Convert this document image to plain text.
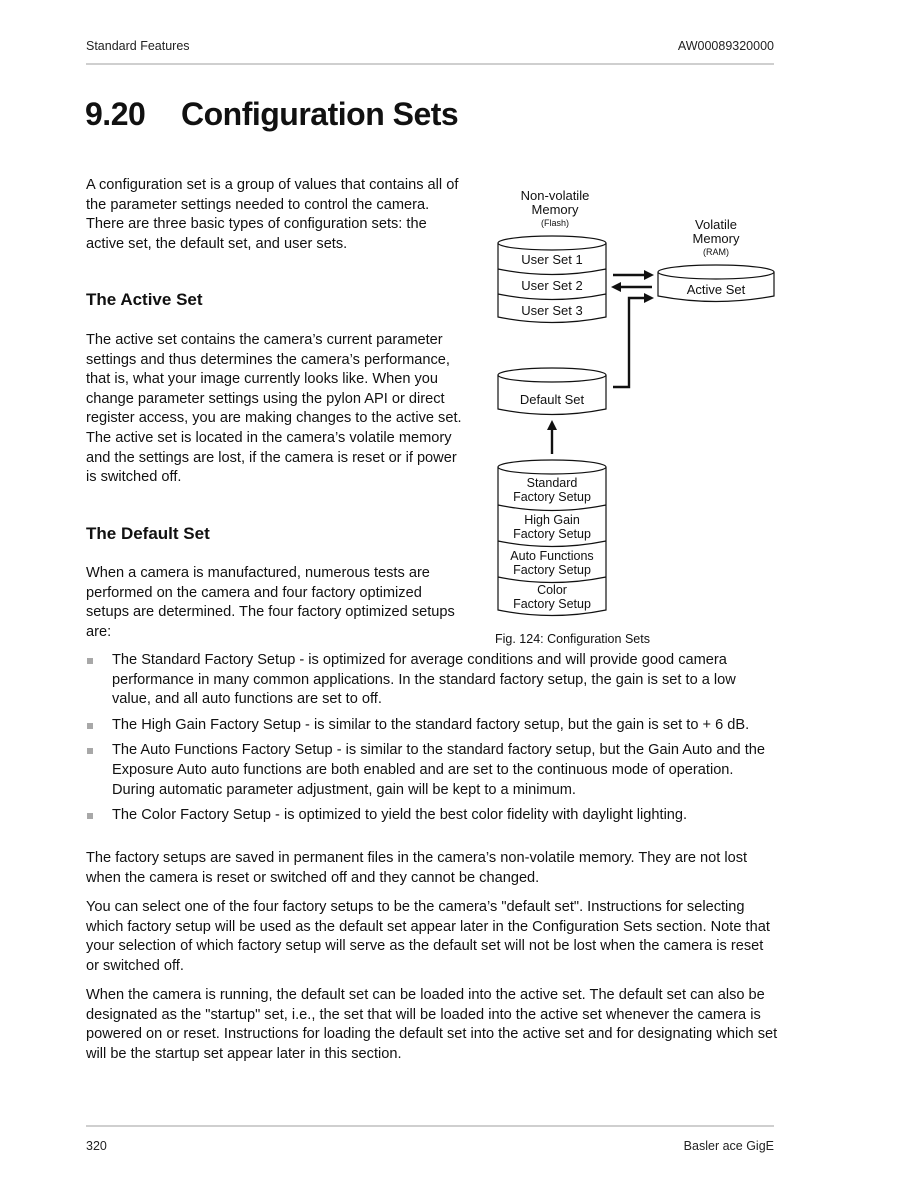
Standard Features	AW00089320000
9.20 Configuration Sets
A configuration set is a group of values that contains all of the parameter settings needed to control the camera. There are three basic types of configuration sets: the active set, the default set, and user sets.
The Active Set
The active set contains the camera’s current parameter settings and thus determines the camera’s performance, that is, what your image currently looks like. When you change parameter settings using the pylon API or direct register access, you are making changes to the active set. The active set is located in the camera’s volatile memory and the settings are lost, if the camera is reset or if power is switched off.
The Default Set
When a camera is manufactured, numerous tests are performed on the camera and four factory optimized setups are determined. The four factory optimized setups are:
Non-volatile
Memory
(Flash)	Volatile
Memory
(RAM)
User Set 1
User Set 2
User Set 3
Active Set
Default Set
Standard
Factory Setup
High Gain
Factory Setup
Auto Functions
Factory Setup
Color
Factory Setup
Fig. 124: Configuration Sets
The Standard Factory Setup - is optimized for average conditions and will provide good camera performance in many common applications. In the standard factory setup, the gain is set to a low value, and all auto functions are set to off.
The High Gain Factory Setup - is similar to the standard factory setup, but the gain is set to + 6 dB.
The Auto Functions Factory Setup - is similar to the standard factory setup, but the Gain Auto and the Exposure Auto auto functions are both enabled and are set to the continuous mode of operation. During automatic parameter adjustment, gain will be kept to a minimum.
The Color Factory Setup - is optimized to yield the best color fidelity with daylight lighting.
The factory setups are saved in permanent files in the camera’s non-volatile memory. They are not lost when the camera is reset or switched off and they cannot be changed.
You can select one of the four factory setups to be the camera’s "default set". Instructions for selecting which factory setup will be used as the default set appear later in the Configuration Sets section. Note that your selection of which factory setup will serve as the default set will not be lost when the camera is reset or switched off.
When the camera is running, the default set can be loaded into the active set. The default set can also be designated as the "startup" set, i.e., the set that will be loaded into the active set whenever the camera is powered on or reset. Instructions for loading the default set into the active set and for designating which set will be the startup set appear later in this section.
320	Basler ace GigE
